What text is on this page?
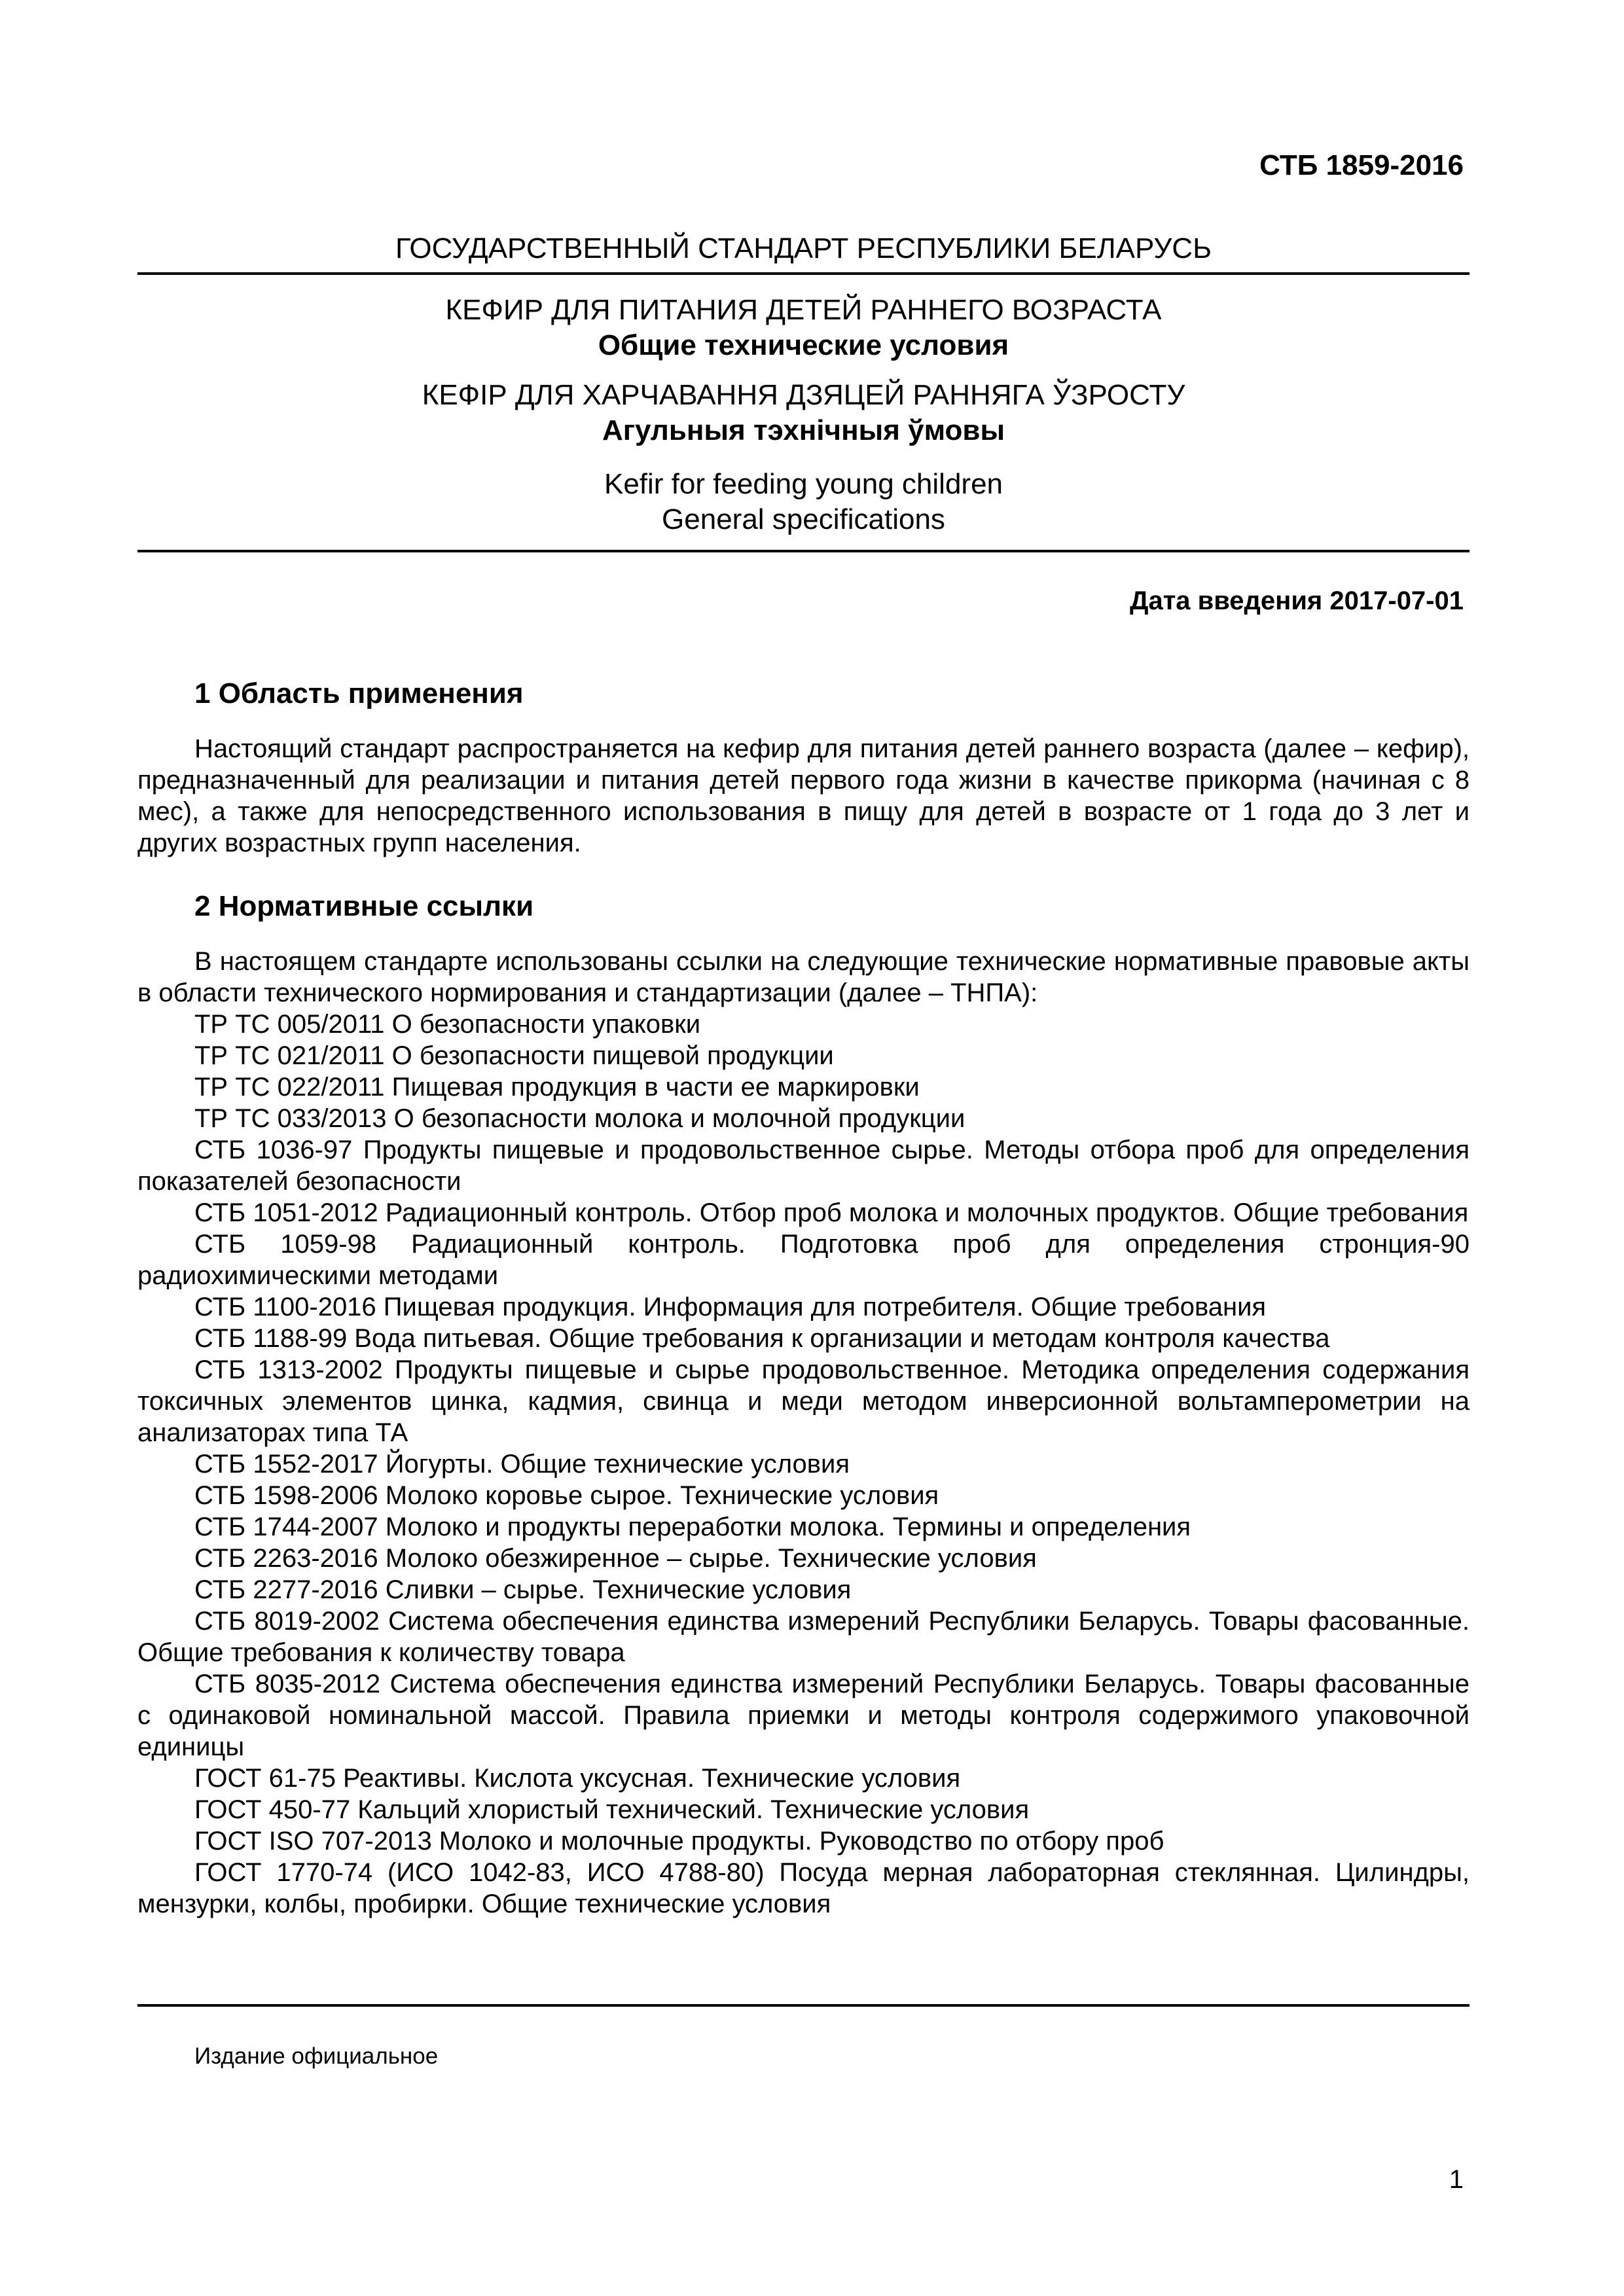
СТБ 1859-2016
ГОСУДАРСТВЕННЫЙ СТАНДАРТ РЕСПУБЛИКИ БЕЛАРУСЬ
КЕФИР ДЛЯ ПИТАНИЯ ДЕТЕЙ РАННЕГО ВОЗРАСТА
Общие технические условия
КЕФІР ДЛЯ ХАРЧАВАННЯ ДЗЯЦЕЙ РАННЯГА ЎЗРОСТУ
Агульныя тэхнічныя ўмовы
Kefir for feeding young children
General specifications
Дата введения 2017-07-01
1 Область применения

Настоящий стандарт распространяется на кефир для питания детей раннего возраста (далее – кефир), предназначенный для реализации и питания детей первого года жизни в качестве прикорма (начиная с 8 мес), а также для непосредственного использования в пищу для детей в возрасте от 1 года до 3 лет и других возрастных групп населения.

2 Нормативные ссылки

В настоящем стандарте использованы ссылки на следующие технические нормативные правовые акты в области технического нормирования и стандартизации (далее – ТНПА):

ТР ТС 005/2011 О безопасности упаковки

ТР ТС 021/2011 О безопасности пищевой продукции

ТР ТС 022/2011 Пищевая продукция в части ее маркировки

ТР ТС 033/2013 О безопасности молока и молочной продукции

СТБ 1036-97 Продукты пищевые и продовольственное сырье. Методы отбора проб для определения показателей безопасности

СТБ 1051-2012 Радиационный контроль. Отбор проб молока и молочных продуктов. Общие требования

СТБ 1059-98 Радиационный контроль. Подготовка проб для определения стронция-90 радиохимическими методами

СТБ 1100-2016 Пищевая продукция. Информация для потребителя. Общие требования

СТБ 1188-99 Вода питьевая. Общие требования к организации и методам контроля качества

СТБ 1313-2002 Продукты пищевые и сырье продовольственное. Методика определения содержания токсичных элементов цинка, кадмия, свинца и меди методом инверсионной вольтамперометрии на анализаторах типа ТА

СТБ 1552-2017 Йогурты. Общие технические условия

СТБ 1598-2006 Молоко коровье сырое. Технические условия

СТБ 1744-2007 Молоко и продукты переработки молока. Термины и определения

СТБ 2263-2016 Молоко обезжиренное – сырье. Технические условия

СТБ 2277-2016 Сливки – сырье. Технические условия

СТБ 8019-2002 Система обеспечения единства измерений Республики Беларусь. Товары фасованные. Общие требования к количеству товара

СТБ 8035-2012 Система обеспечения единства измерений Республики Беларусь. Товары фасованные с одинаковой номинальной массой. Правила приемки и методы контроля содержимого упаковочной единицы

ГОСТ 61-75 Реактивы. Кислота уксусная. Технические условия

ГОСТ 450-77 Кальций хлористый технический. Технические условия

ГОСТ ISO 707-2013 Молоко и молочные продукты. Руководство по отбору проб

ГОСТ 1770-74 (ИСО 1042-83, ИСО 4788-80) Посуда мерная лабораторная стеклянная. Цилиндры, мензурки, колбы, пробирки. Общие технические условия

Издание официальное
1
